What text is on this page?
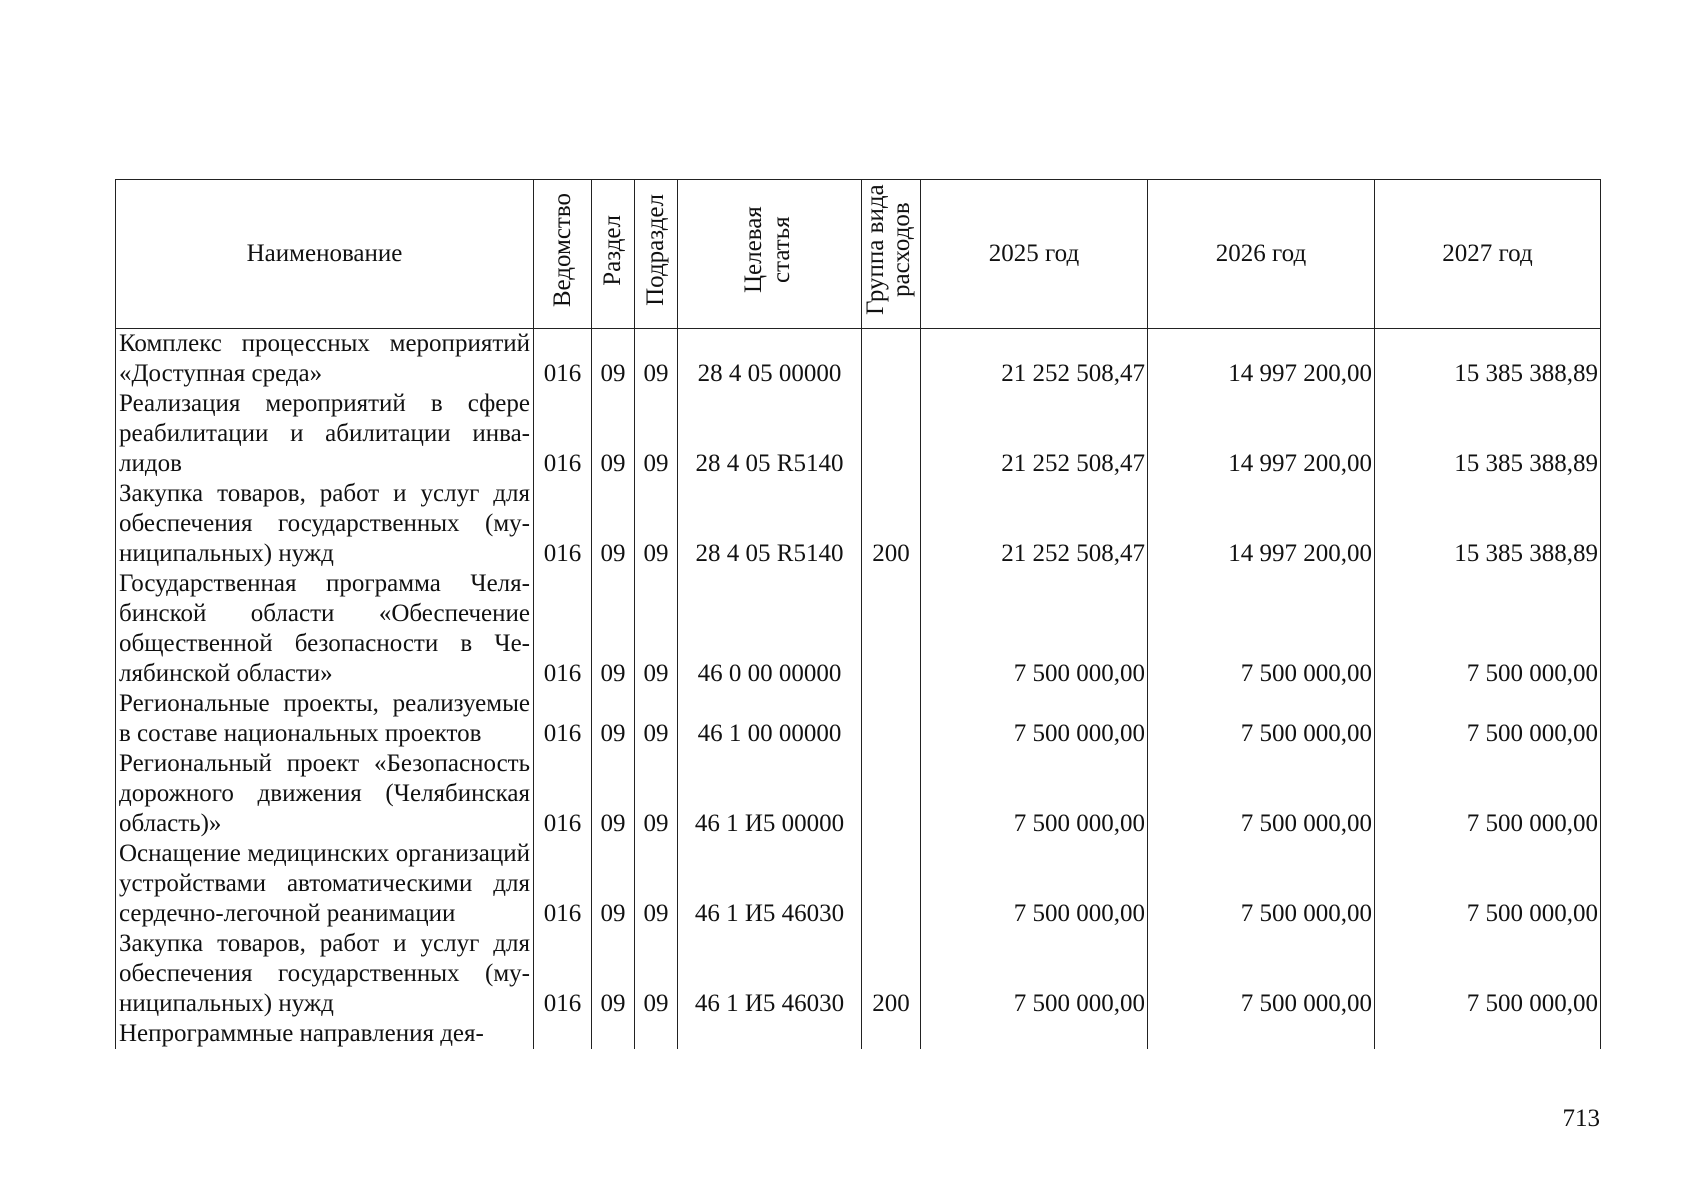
Наименование	Ведомство	Раздел	Подраздел	Целевая статья	Группа вида расходов	2025 год	2026 год	2027 год
Комплекс процессных мероприятий «Доступная среда»	016	09	09	28 4 05 00000		21 252 508,47	14 997 200,00	15 385 388,89
Реализация мероприятий в сфере реабилитации и абилитации инвалидов	016	09	09	28 4 05 R5140		21 252 508,47	14 997 200,00	15 385 388,89
Закупка товаров, работ и услуг для обеспечения государственных (муниципальных) нужд	016	09	09	28 4 05 R5140	200	21 252 508,47	14 997 200,00	15 385 388,89
Государственная программа Челябинской области «Обеспечение общественной безопасности в Челябинской области»	016	09	09	46 0 00 00000		7 500 000,00	7 500 000,00	7 500 000,00
Региональные проекты, реализуемые в составе национальных проектов	016	09	09	46 1 00 00000		7 500 000,00	7 500 000,00	7 500 000,00
Региональный проект «Безопасность дорожного движения (Челябинская область)»	016	09	09	46 1 И5 00000		7 500 000,00	7 500 000,00	7 500 000,00
Оснащение медицинских организаций устройствами автоматическими для сердечно-легочной реанимации	016	09	09	46 1 И5 46030		7 500 000,00	7 500 000,00	7 500 000,00
Закупка товаров, работ и услуг для обеспечения государственных (муниципальных) нужд	016	09	09	46 1 И5 46030	200	7 500 000,00	7 500 000,00	7 500 000,00
Непрограммные направления дея-								
713
